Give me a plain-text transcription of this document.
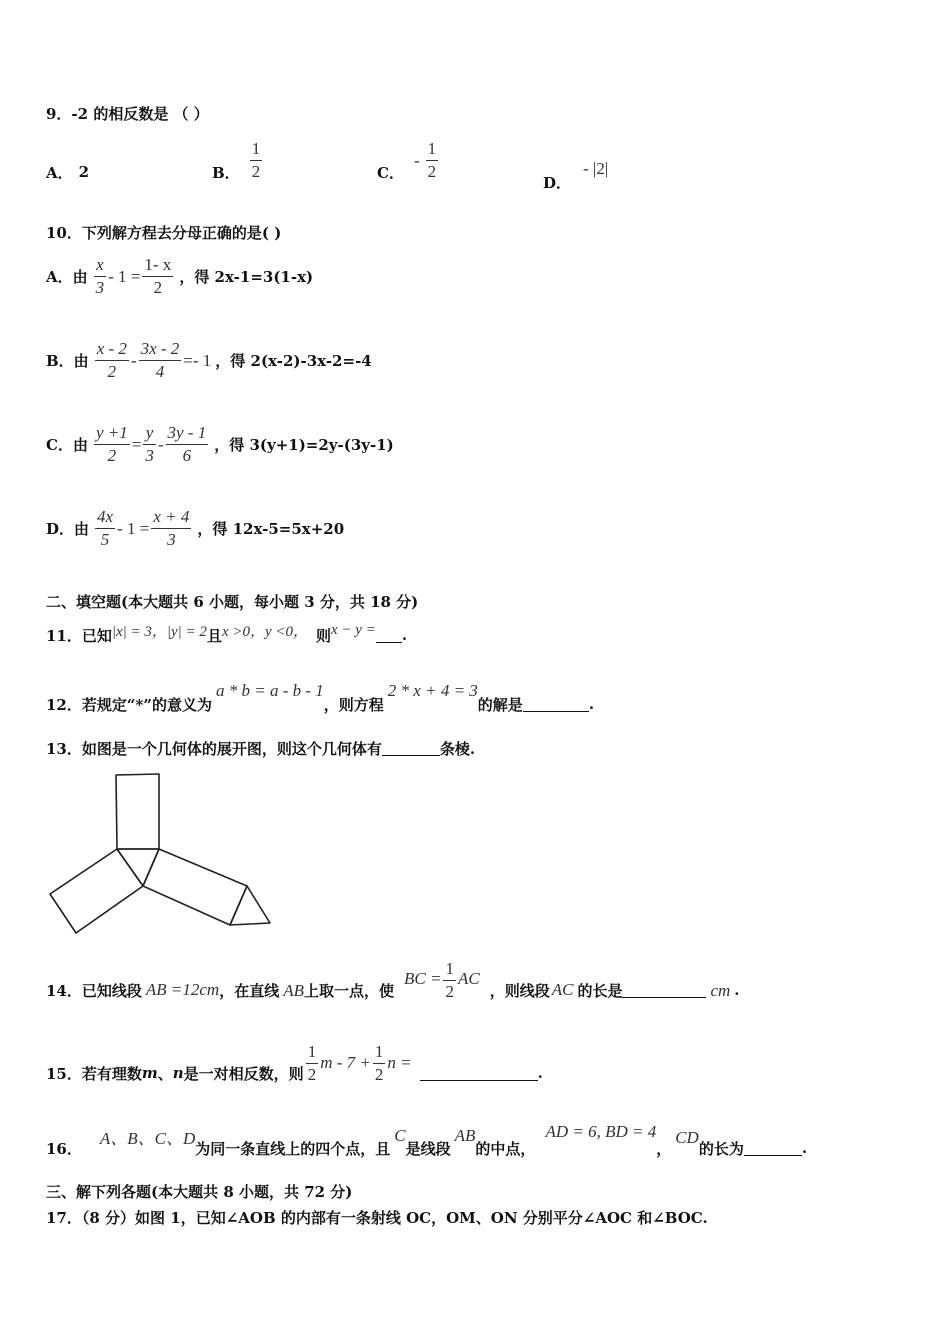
9．-2 的相反数是 （ ）
A． 2	B． $\frac{1}{2}$	C．
- $\frac{1}{2}$	D．
- |2|
10．下列解方程去分母正确的是( )
A．由 $\frac{x}{3} - 1 = \frac{1- x}{2}$ ，得 2x-1=3(1-x)
B．由 $\frac{x - 2}{2} - \frac{3x - 2}{4} =- 1$ ，得 2(x-2)-3x-2=-4
C．由 $\frac{y +1}{2} = \frac{y}{3} - \frac{3y - 1}{6}$ ，得 3(y+1)=2y-(3y-1)
D．由 $\frac{4x}{5} - 1 = \frac{x + 4}{3}$ ，得 12x-5=5x+20
二、填空题(本大题共 6 小题，每小题 3 分，共 18 分)
11．已知 |x| = 3，|y| = 2 且 x >0，y <0， 则 x − y = .
12．若规定“*”的意义为
a * b = a - b - 1
，则方程
2 * x + 4 = 3
的解是	.
13．如图是一个几何体的展开图，则这个几何体有	条棱.
14．已知线段 AB =12cm ，在直线 AB 上取一点，使
BC = $\frac{1}{2}$ AC
，则线段 AC 的长是	cm .
15．若有理数 m 、 n 是一对相反数，则 $\frac{1}{2}$ $m - 7 + \frac{1}{2}$ n =
.
16．
A、B、C、D
为同一条直线上的四个点，且
C
是线段
AB
的中点，
AD = 6, BD = 4
，
CD
的长为	.
三、解下列各题(本大题共 8 小题，共 72 分)
17．（8 分）如图 1，已知∠AOB 的内部有一条射线 OC，OM、ON 分别平分∠AOC 和∠BOC.
